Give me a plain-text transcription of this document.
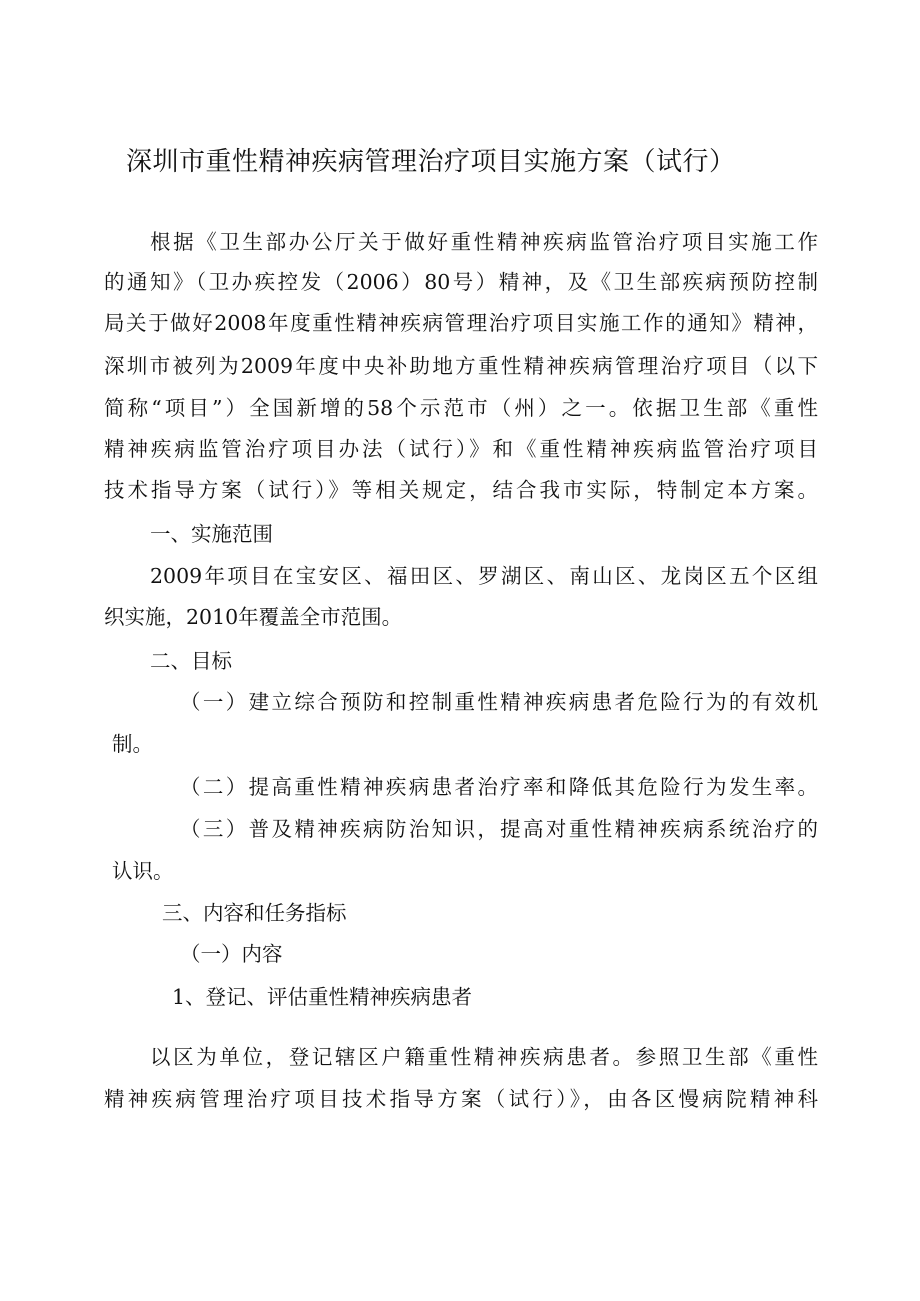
深圳市重性精神疾病管理治疗项目实施方案（试行）
根据《卫生部办公厅关于做好重性精神疾病监管治疗项目实施工作
的通知》（卫办疾控发（2006）80号）精神，及《卫生部疾病预防控制
局关于做好2008年度重性精神疾病管理治疗项目实施工作的通知》精神，
深圳市被列为2009年度中央补助地方重性精神疾病管理治疗项目（以下
简称“项目”）全国新增的58个示范市（州）之一。依据卫生部《重性
精神疾病监管治疗项目办法（试行）》和《重性精神疾病监管治疗项目
技术指导方案（试行）》等相关规定，结合我市实际，特制定本方案。
一、实施范围
2009年项目在宝安区、福田区、罗湖区、南山区、龙岗区五个区组
织实施，2010年覆盖全市范围。
二、目标
（一）建立综合预防和控制重性精神疾病患者危险行为的有效机
制。
（二）提高重性精神疾病患者治疗率和降低其危险行为发生率。
（三）普及精神疾病防治知识，提高对重性精神疾病系统治疗的
认识。
三、内容和任务指标
（一）内容
1、登记、评估重性精神疾病患者
以区为单位，登记辖区户籍重性精神疾病患者。参照卫生部《重性
精神疾病管理治疗项目技术指导方案（试行）》，由各区慢病院精神科
